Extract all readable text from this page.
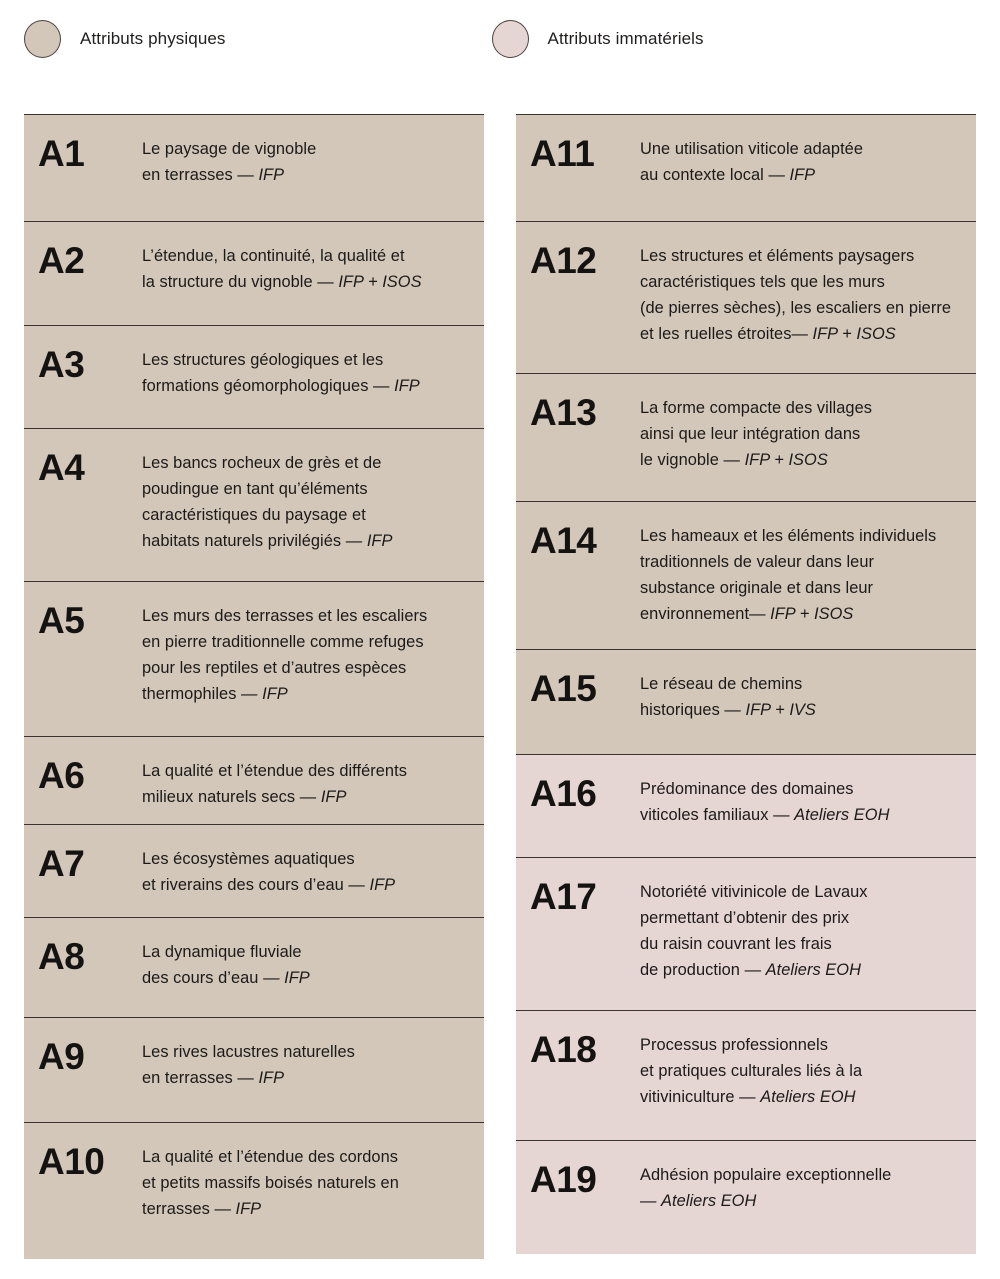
Attributs physiques	Attributs immatériels
A1	Le paysage de vignoble
en terrasses — IFP
A2	L’étendue, la continuité, la qualité et
la structure du vignoble — IFP + ISOS
A3	Les structures géologiques et les
formations géomorphologiques — IFP
A4	Les bancs rocheux de grès et de
poudingue en tant qu’éléments
caractéristiques du paysage et
habitats naturels privilégiés — IFP
A5	Les murs des terrasses et les escaliers
en pierre traditionnelle comme refuges
pour les reptiles et d’autres espèces
thermophiles — IFP
A6	La qualité et l’étendue des différents
milieux naturels secs — IFP
A7	Les écosystèmes aquatiques
et riverains des cours d’eau — IFP
A8	La dynamique fluviale
des cours d’eau — IFP
A9	Les rives lacustres naturelles
en terrasses — IFP
A10	La qualité et l’étendue des cordons
et petits massifs boisés naturels en
terrasses — IFP
A11	Une utilisation viticole adaptée
au contexte local — IFP
A12	Les structures et éléments paysagers
caractéristiques tels que les murs
(de pierres sèches), les escaliers en pierre
et les ruelles étroites— IFP + ISOS
A13	La forme compacte des villages
ainsi que leur intégration dans
le vignoble — IFP + ISOS
A14	Les hameaux et les éléments individuels
traditionnels de valeur dans leur
substance originale et dans leur
environnement— IFP + ISOS
A15	Le réseau de chemins
historiques — IFP + IVS
A16	Prédominance des domaines
viticoles familiaux — Ateliers EOH
A17	Notoriété vitivinicole de Lavaux
permettant d’obtenir des prix
du raisin couvrant les frais
de production — Ateliers EOH
A18	Processus professionnels
et pratiques culturales liés à la
vitiviniculture — Ateliers EOH
A19	Adhésion populaire exceptionnelle
— Ateliers EOH
